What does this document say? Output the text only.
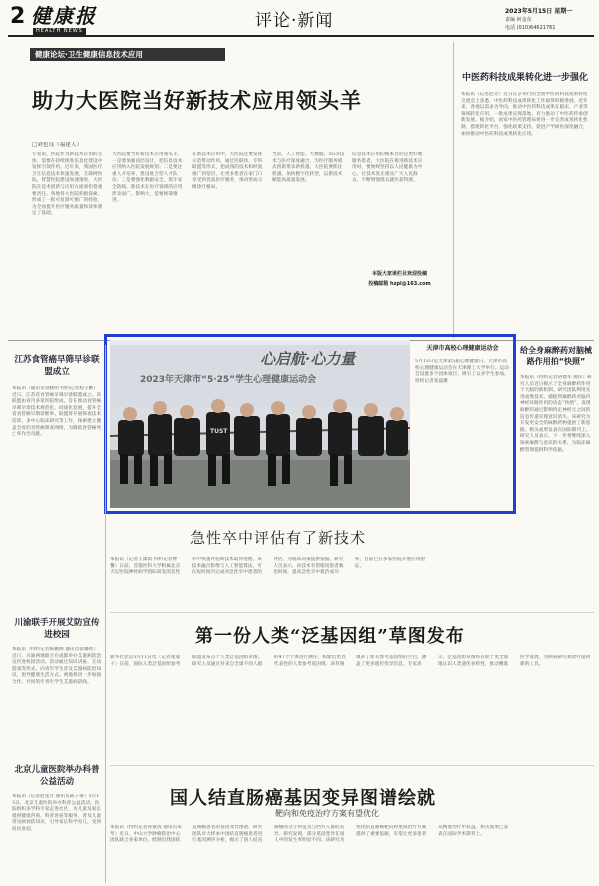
2 健康报
HEALTH NEWS	评论·新闻	2023年5月15日 星期一
责编 何金东
电话 (010)64621761
健康论坛·卫生健康信息技术应用
助力大医院当好新技术应用领头羊
□刘也良（福建人）
专家说，医院作为新技术应用的主体，需要在持续推进信息化建设中发挥引领作用。近年来，我国医疗卫生信息技术快速发展，互联网医院、智慧医院建设加速推进，大医院在技术创新与应用方面承担着重要责任。各地各大医院积极探索，形成了一批可复制可推广的经验，为全面提升医疗服务质量和效率奠定了基础。
大医院要当好新技术应用领头羊，一是要加强顶层设计，把信息技术应用纳入医院发展规划；二是要注重人才培养，建设复合型人才队伍；三是要强化数据安全，筑牢安全防线。新技术在医疗领域的应用涉及面广、影响大，需要统筹推进。
在新技术应用中，大医院还要发挥示范带动作用，通过医联体、专科联盟等形式，把成熟的技术和经验推广到基层，让更多患者在家门口享受到优质医疗服务，推动形成分级诊疗格局。
当前，人工智能、大数据、5G等技术与医疗深度融合，为医疗服务模式创新带来新机遇。大医院要抓住机遇，加快数字化转型，以新技术赋能高质量发展。
信息技术应用的根本目的是更好地服务患者。大医院在推进新技术应用时，要始终坚持以人民健康为中心，让技术真正惠及广大人民群众，不断增强群众就医获得感。
本版大家谈栏目欢迎投稿
投稿邮箱 hzpl@163.com
中医药科技成果转化进一步强化
本报讯（记者赵芳）近日在京举行的全国中医药科技成果转化交流会上获悉，中医药科技成果转化工作取得积极进展。近年来，各地以需求为导向，推动中医药科技成果在临床、产业等领域转化应用，一批成果实现落地，有力推动了中医药传承创新发展。据介绍，国家中医药管理局将进一步完善成果转化机制，搭建转化平台，强化政策支持，促进产学研医深度融合，加快推动中医药科技成果转化应用。
江苏食管癌早筛早诊联盟成立
本报讯（通讯员曾晓明 特约记者程守勤）近日，江苏省食管癌早筛早诊联盟成立。该联盟由省内多家医院组成，旨在推动食管癌早筛早诊技术规范化、同质化发展，提升全省食管癌早期诊断率。联盟将开展筛查技术培训、多中心临床研究等工作，探索建立覆盖全省的食管癌筛查网络，为降低食管癌死亡率作出贡献。
心启航·心力量
2023年天津市“5·25”学生心理健康运动会
TUST
天津市高校心理健康运动会
5月13日是天津第5届心理健康日，天津市高校心理健康运动会在天津理工大学举行。运动会设置多个团体项目，吸引了众多学生参加。特约记者张磊摄
给全身麻醉药对脑械路作用拍“快照”
本报讯（特约记者胡德军 熊伟）研究人员近日揭示了全身麻醉药作用于大脑的新机制。研究团队利用先进成像技术，捕捉到麻醉药对脑内神经环路作用的动态“快照”，发现麻醉药通过影响特定神经元之间的信息传递实现意识消失。该研究为开发更安全的麻醉药物提供了新思路，相关成果发表在国际期刊上。研究人员表示，下一步将继续深入探索麻醉与意识的关系，为临床麻醉管理提供科学依据。
急性卒中评估有了新技术
本报讯（记者王潇雨 特约记者曹馨）日前，首都医科大学附属北京天坛医院神经病学团队研发的急性卒中快速评估新技术取得进展。该技术融合影像与人工智能算法，可在短时间内完成对急性卒中患者的评估，为临床决策提供依据。研究人员表示，该技术有望缩短患者救治时间，提高急性卒中救治成功率，目前已在多家医院开展应用验证。
川渝联手开展艾防宣传进校园
本报讯（特约记者陈鹏洲 通讯员张璐瑶）近日，川渝两地联合在成都举办艾滋病防治宣传进校园活动。活动通过知识讲座、互动游戏等形式，向青年学生普及艾滋病防治知识，倡导健康生活方式。两地将进一步加强合作，共同筑牢青年学生艾滋病防线。
第一份人类“泛基因组”草图发布
新华社北京5月11日电（记者张漫子）日前，国际人类泛基因组参考联盟发布首个人类泛基因组草图。研究人员通过对来自全球不同人群的47个个体进行测序，构建出更具代表性的人类参考基因组。该草图填补了原有参考基因组的空白，涵盖了更多遗传变异信息。专家表示，泛基因组草图将有助于更全面地认识人类遗传多样性，推动精准医学发展，为疾病研究和诊疗提供新的工具。
北京儿童医院举办科普公益活动
本报讯（记者赵星月 通讯员陈子豪）5月13日，北京儿童医院举办科普公益活动。医院组织多学科专家走进社区，为儿童及家长提供健康咨询、科普讲座等服务，普及儿童常见病预防知识，引导家长科学育儿，受到居民欢迎。
国人结直肠癌基因变异图谱绘就
靶向和免疫治疗方案有望优化
本报讯（特约记者孙蒙清 通讯员朱琴）近日，中山大学肿瘤防治中心团队联合多家单位，绘制出我国结直肠癌患者的基因变异图谱。研究团队对大样本中国结直肠癌患者进行基因测序分析，揭示了国人结直肠癌的分子特征及与西方人群的差异。研究发现，部分基因变异在国人中的发生率明显不同。该研究为优化结直肠癌靶向和免疫治疗方案提供了重要依据，有望让更多患者从精准治疗中获益。相关成果已发表在国际学术期刊上。
